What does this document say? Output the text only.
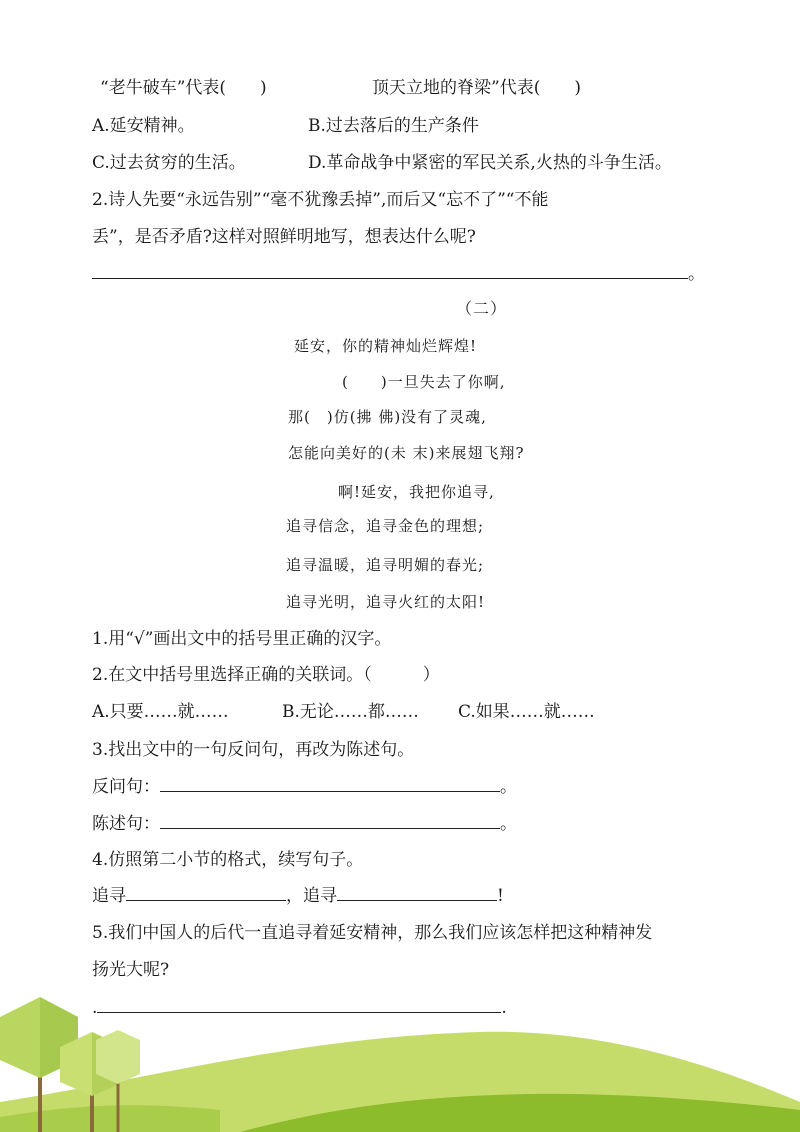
“老牛破车”代表(　　)	顶天立地的脊梁”代表(　　)
A.延安精神。	B.过去落后的生产条件
C.过去贫穷的生活。	D.革命战争中紧密的军民关系,火热的斗争生活。
2.诗人先要“永远告别”“毫不犹豫丢掉”,而后又“忘不了”“不能
丢”，是否矛盾?这样对照鲜明地写，想表达什么呢?
。
（二）
延安，你的精神灿烂辉煌!
(　　)一旦失去了你啊,
那(　)仿(拂 佛)没有了灵魂,
怎能向美好的(未 末)来展翅飞翔?
啊!延安，我把你追寻,
追寻信念，追寻金色的理想;
追寻温暖，追寻明媚的春光;
追寻光明，追寻火红的太阳!
1.用“√”画出文中的括号里正确的汉字。
2.在文中括号里选择正确的关联词。（　　　）
A.只要……就……	B.无论……都…… C.如果……就……
3.找出文中的一句反问句，再改为陈述句。
反问句：	。
陈述句：	。
4.仿照第二小节的格式，续写句子。
追寻	，追寻	!
5.我们中国人的后代一直追寻着延安精神，那么我们应该怎样把这种精神发
扬光大呢?
.	.
